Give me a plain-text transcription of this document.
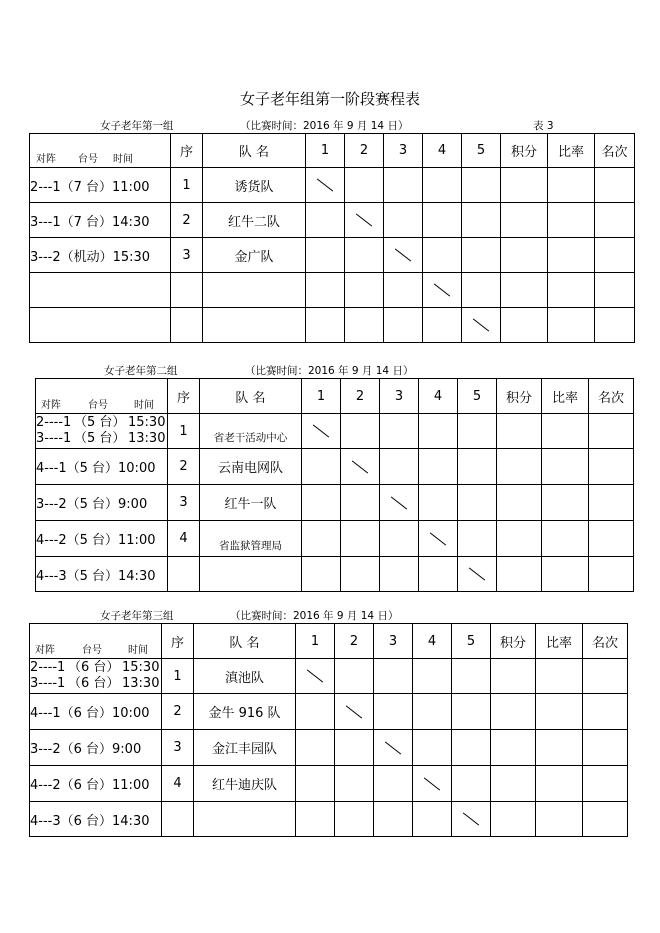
女子老年组第一阶段赛程表
女子老年第一组	（比赛时间：2016 年 9 月 14 日）	表 3
对阵 台号 时间	序	队 名	1	2	3	4	5	积分	比率	名次
2---1（7 台）11:00	1	诱货队								
3---1（7 台）14:30	2	红牛二队								
3---2（机动）15:30	3	金广队								

女子老年第二组	（比赛时间：2016 年 9 月 14 日）
对阵 台号 时间	序	队 名	1	2	3	4	5	积分	比率	名次

2----1 （5 台） 15:30
3----1 （5 台） 13:30	1	省老干活动中心								
4---1（5 台）10:00	2	云南电网队								
3---2（5 台）9:00	3	红牛一队								
4---2（5 台）11:00	4	省监狱管理局								
4---3（5 台）14:30										
女子老年第三组	（比赛时间：2016 年 9 月 14 日）
对阵 台号 时间	序	队 名	1	2	3	4	5	积分	比率	名次

2----1 （6 台） 15:30
3----1 （6 台） 13:30	1	滇池队								
4---1（6 台）10:00	2	金牛 916 队								
3---2（6 台）9:00	3	金江丰园队								
4---2（6 台）11:00	4	红牛迪庆队								
4---3（6 台）14:30										
